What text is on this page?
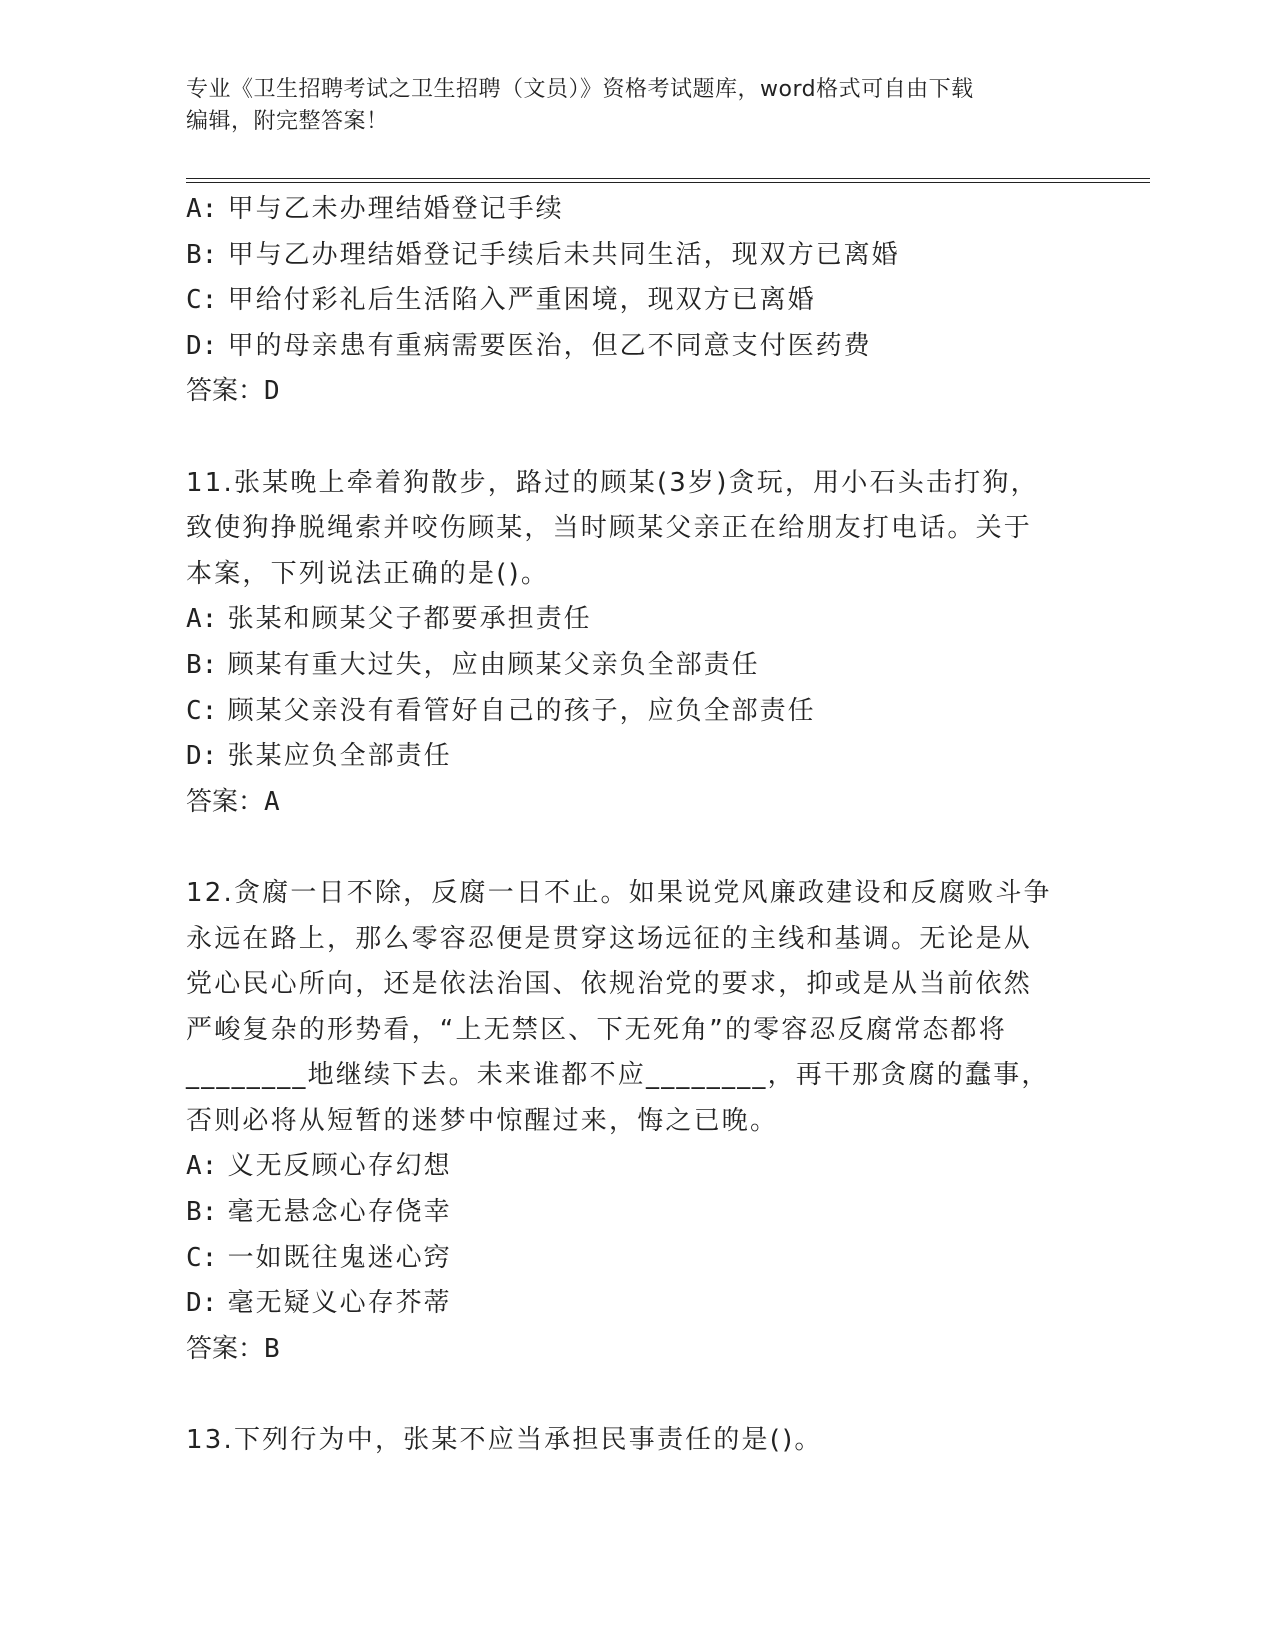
专业《卫生招聘考试之卫生招聘（文员）》资格考试题库，word格式可自由下载
编辑，附完整答案！
A: 甲与乙未办理结婚登记手续
B: 甲与乙办理结婚登记手续后未共同生活，现双方已离婚
C: 甲给付彩礼后生活陷入严重困境，现双方已离婚
D: 甲的母亲患有重病需要医治，但乙不同意支付医药费
答案：D
11.张某晚上牵着狗散步，路过的顾某(3岁)贪玩，用小石头击打狗，
致使狗挣脱绳索并咬伤顾某，当时顾某父亲正在给朋友打电话。关于
本案，下列说法正确的是()。
A: 张某和顾某父子都要承担责任
B: 顾某有重大过失，应由顾某父亲负全部责任
C: 顾某父亲没有看管好自己的孩子，应负全部责任
D: 张某应负全部责任
答案：A
12.贪腐一日不除，反腐一日不止。如果说党风廉政建设和反腐败斗争
永远在路上，那么零容忍便是贯穿这场远征的主线和基调。无论是从
党心民心所向，还是依法治国、依规治党的要求，抑或是从当前依然
严峻复杂的形势看，“上无禁区、下无死角”的零容忍反腐常态都将
________地继续下去。未来谁都不应________，再干那贪腐的蠢事，
否则必将从短暂的迷梦中惊醒过来，悔之已晚。
A: 义无反顾心存幻想
B: 毫无悬念心存侥幸
C: 一如既往鬼迷心窍
D: 毫无疑义心存芥蒂
答案：B
13.下列行为中，张某不应当承担民事责任的是()。
